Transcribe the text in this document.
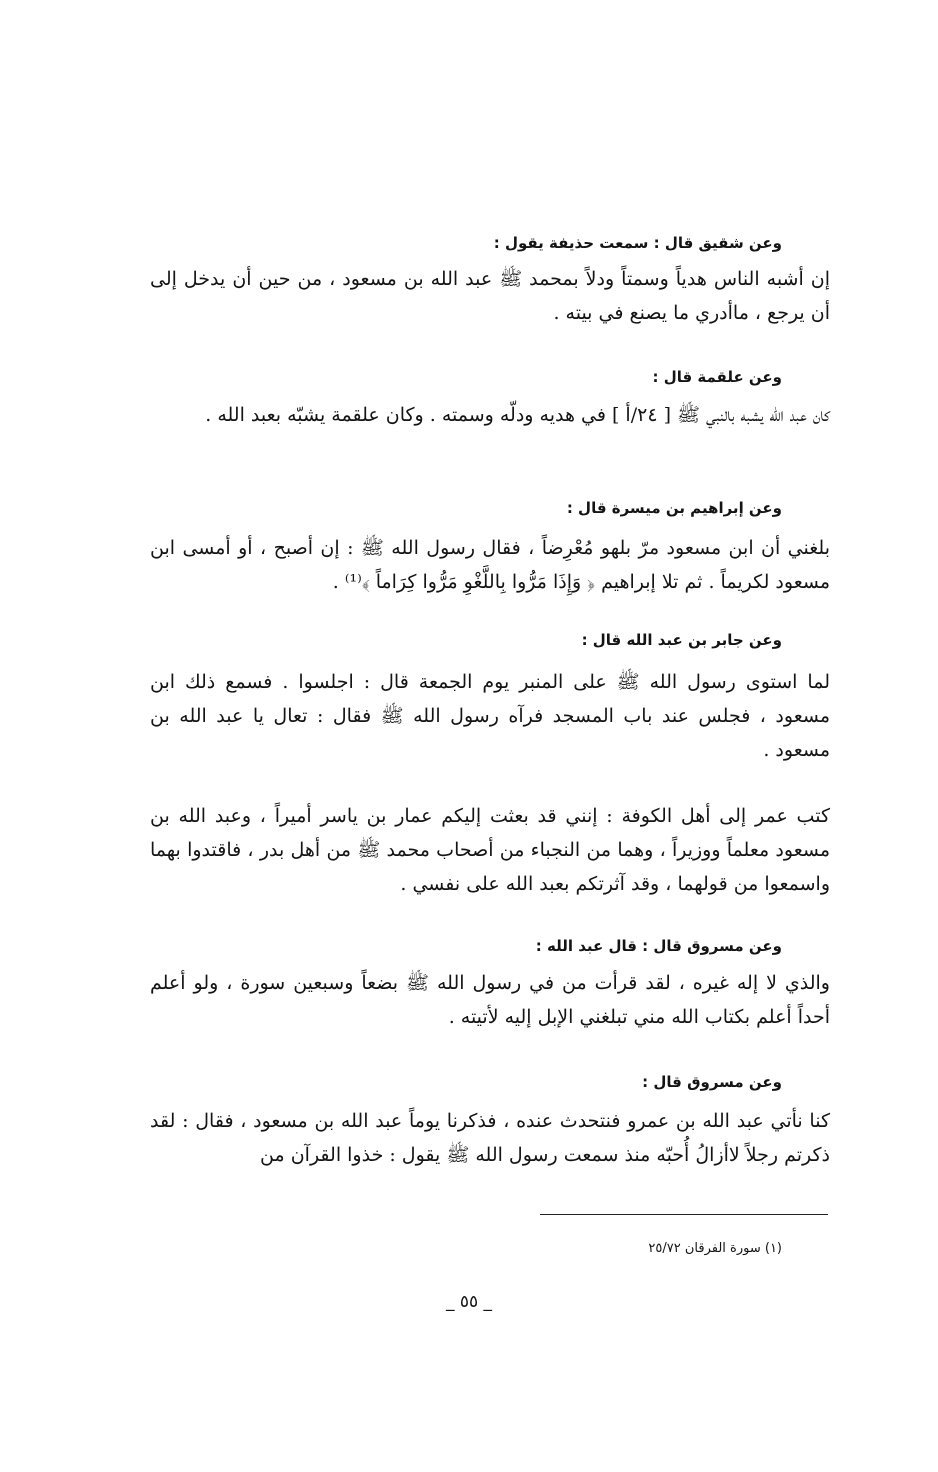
وعن شقيق قال : سمعت حذيفة يقول :

إن أشبه الناس هدياً وسمتاً ودلاً بمحمد ﷺ عبد الله بن مسعود ، من حين أن يدخل إلى أن يرجع ، ماأدري ما يصنع في بيته .

وعن علقمة قال :

كان عبد الله يشبه بالنبي ﷺ [ ٢٤/أ ] في هديه ودلّه وسمته . وكان علقمة يشبّه بعبد الله .

وعن إبراهيم بن ميسرة قال :

بلغني أن ابن مسعود مرّ بلهو مُعْرِضاً ، فقال رسول الله ﷺ : إن أصبح ، أو أمسى ابن مسعود لكريماً . ثم تلا إبراهيم ﴿ وَإِذَا مَرُّوا بِاللَّغْوِ مَرُّوا كِرَاماً ﴾⁽¹⁾ .

وعن جابر بن عبد الله قال :

لما استوى رسول الله ﷺ على المنبر يوم الجمعة قال : اجلسوا . فسمع ذلك ابن مسعود ، فجلس عند باب المسجد فرآه رسول الله ﷺ فقال : تعال يا عبد الله بن مسعود .

كتب عمر إلى أهل الكوفة : إنني قد بعثت إليكم عمار بن ياسر أميراً ، وعبد الله بن مسعود معلماً ووزيراً ، وهما من النجباء من أصحاب محمد ﷺ من أهل بدر ، فاقتدوا بهما واسمعوا من قولهما ، وقد آثرتكم بعبد الله على نفسي .

وعن مسروق قال : قال عبد الله :

والذي لا إله غيره ، لقد قرأت من في رسول الله ﷺ بضعاً وسبعين سورة ، ولو أعلم أحداً أعلم بكتاب الله مني تبلغني الإبل إليه لأتيته .

وعن مسروق قال :

كنا نأتي عبد الله بن عمرو فنتحدث عنده ، فذكرنا يوماً عبد الله بن مسعود ، فقال : لقد ذكرتم رجلاً لاأزالُ أُحبّه منذ سمعت رسول الله ﷺ يقول : خذوا القرآن من

(١) سورة الفرقان ٢٥/٧٢
_ ٥٥ _
